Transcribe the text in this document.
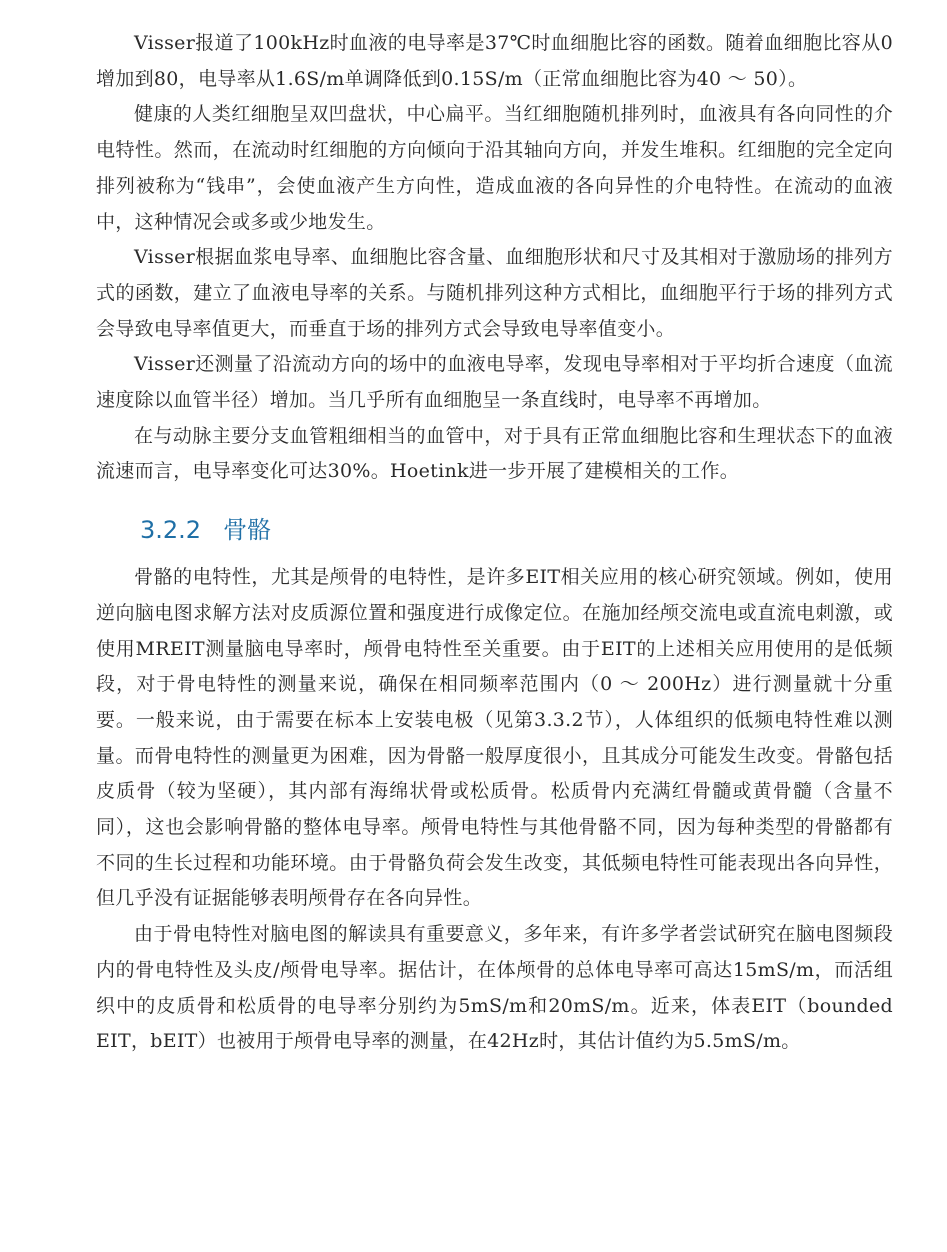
Visser报道了100kHz时血液的电导率是37℃时血细胞比容的函数。随着血细胞比容从0增加到80，电导率从1.6S/m单调降低到0.15S/m（正常血细胞比容为40 ～ 50）。

健康的人类红细胞呈双凹盘状，中心扁平。当红细胞随机排列时，血液具有各向同性的介电特性。然而，在流动时红细胞的方向倾向于沿其轴向方向，并发生堆积。红细胞的完全定向排列被称为“钱串”，会使血液产生方向性，造成血液的各向异性的介电特性。在流动的血液中，这种情况会或多或少地发生。

Visser根据血浆电导率、血细胞比容含量、血细胞形状和尺寸及其相对于激励场的排列方式的函数，建立了血液电导率的关系。与随机排列这种方式相比，血细胞平行于场的排列方式会导致电导率值更大，而垂直于场的排列方式会导致电导率值变小。

Visser还测量了沿流动方向的场中的血液电导率，发现电导率相对于平均折合速度（血流速度除以血管半径）增加。当几乎所有血细胞呈一条直线时，电导率不再增加。

在与动脉主要分支血管粗细相当的血管中，对于具有正常血细胞比容和生理状态下的血液流速而言，电导率变化可达30%。Hoetink进一步开展了建模相关的工作。

3.2.2 骨骼

骨骼的电特性，尤其是颅骨的电特性，是许多EIT相关应用的核心研究领域。例如，使用逆向脑电图求解方法对皮质源位置和强度进行成像定位。在施加经颅交流电或直流电刺激，或使用MREIT测量脑电导率时，颅骨电特性至关重要。由于EIT的上述相关应用使用的是低频段，对于骨电特性的测量来说，确保在相同频率范围内（0 ～ 200Hz）进行测量就十分重要。一般来说，由于需要在标本上安装电极（见第3.3.2节），人体组织的低频电特性难以测量。而骨电特性的测量更为困难，因为骨骼一般厚度很小，且其成分可能发生改变。骨骼包括皮质骨（较为坚硬），其内部有海绵状骨或松质骨。松质骨内充满红骨髓或黄骨髓（含量不同），这也会影响骨骼的整体电导率。颅骨电特性与其他骨骼不同，因为每种类型的骨骼都有不同的生长过程和功能环境。由于骨骼负荷会发生改变，其低频电特性可能表现出各向异性，但几乎没有证据能够表明颅骨存在各向异性。

由于骨电特性对脑电图的解读具有重要意义，多年来，有许多学者尝试研究在脑电图频段内的骨电特性及头皮/颅骨电导率。据估计，在体颅骨的总体电导率可高达15mS/m，而活组织中的皮质骨和松质骨的电导率分别约为5mS/m和20mS/m。近来，体表EIT（bounded EIT，bEIT）也被用于颅骨电导率的测量，在42Hz时，其估计值约为5.5mS/m。
